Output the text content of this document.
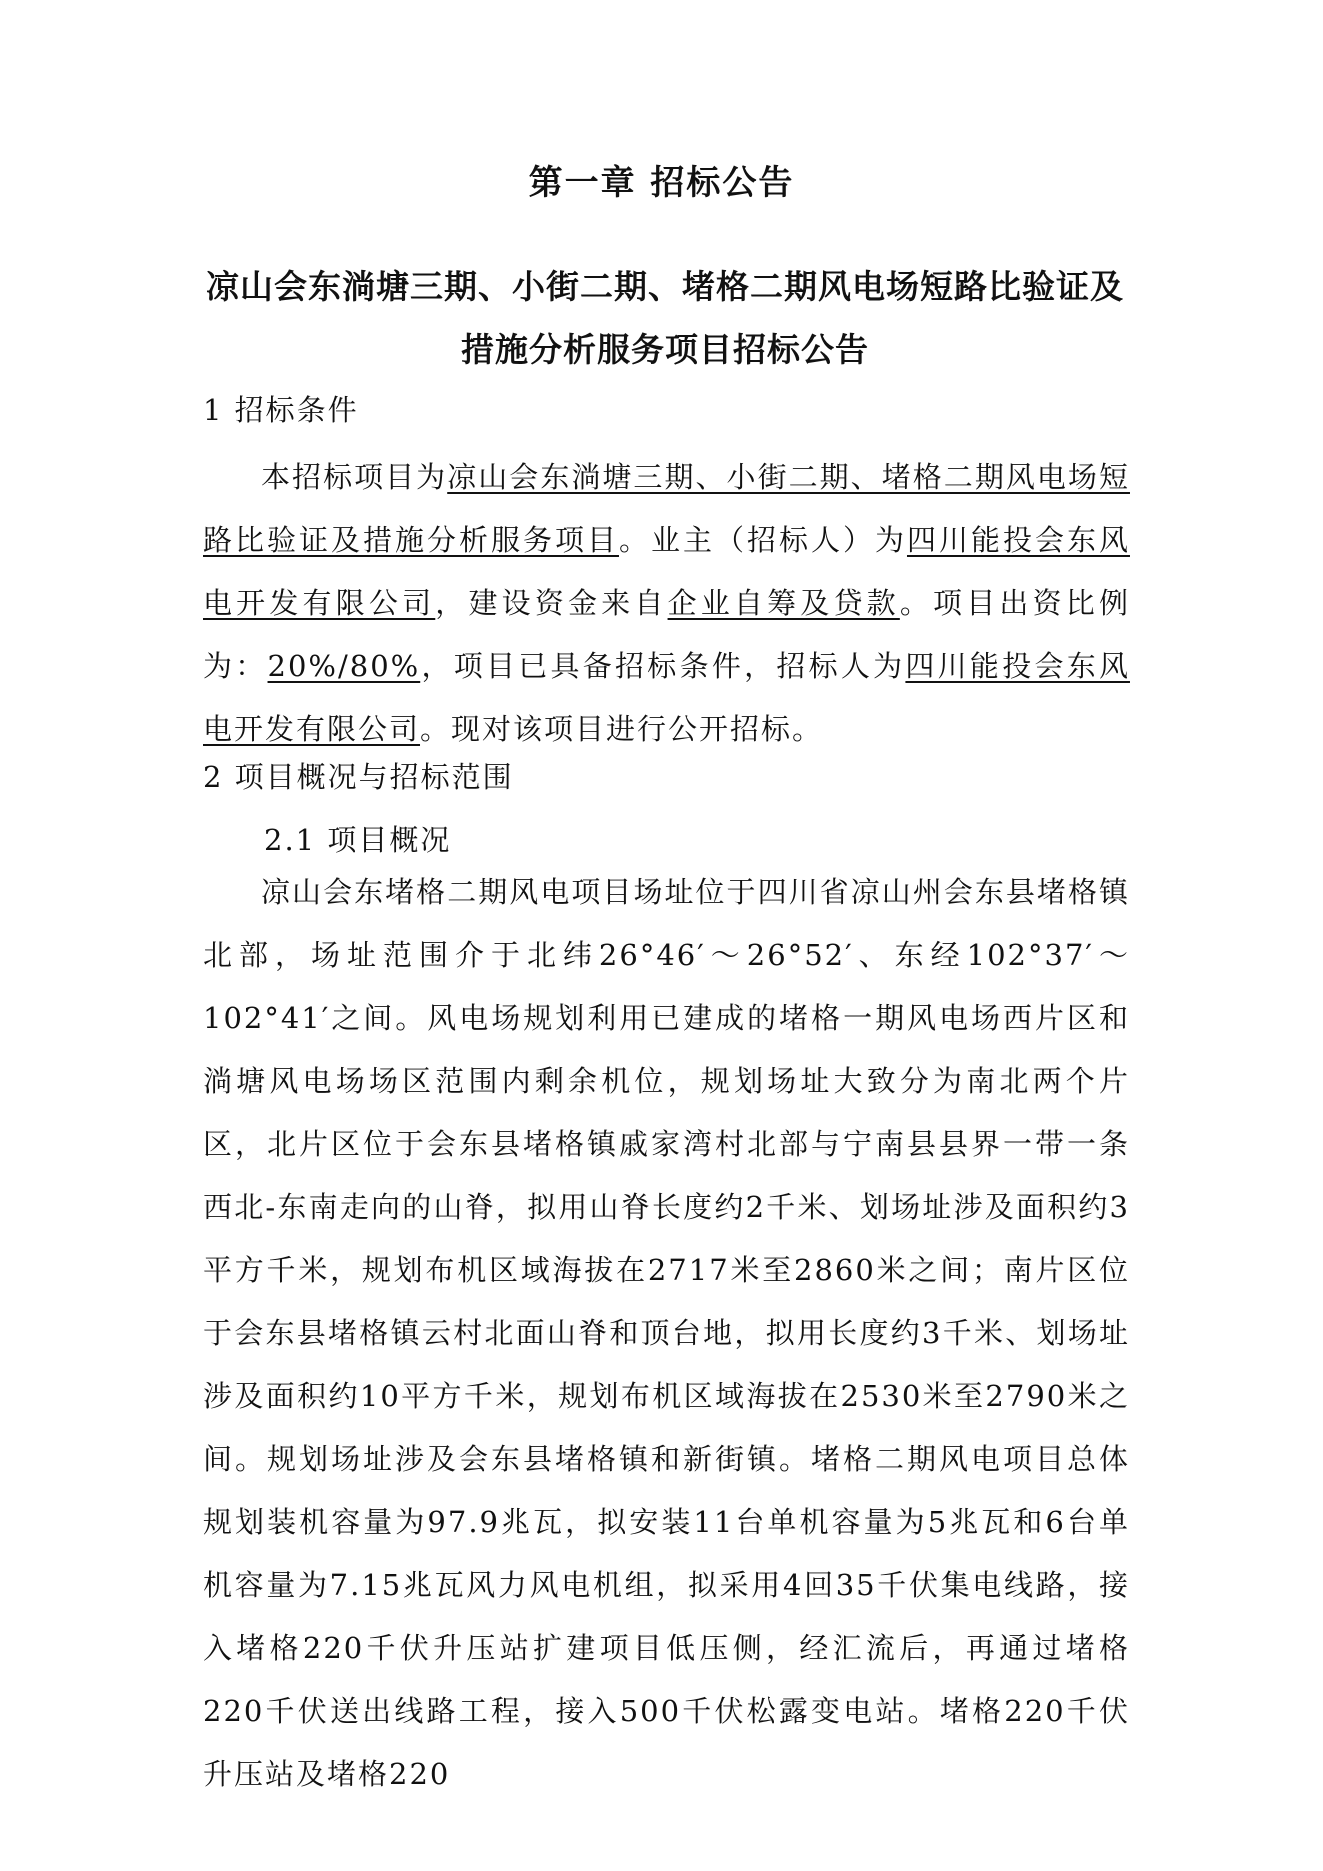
第一章 招标公告
凉山会东淌塘三期、小街二期、堵格二期风电场短路比验证及
措施分析服务项目招标公告
1 招标条件

本招标项目为凉山会东淌塘三期、小街二期、堵格二期风电场短路比验证及措施分析服务项目。业主（招标人）为四川能投会东风电开发有限公司，建设资金来自企业自筹及贷款。项目出资比例为：20%/80%，项目已具备招标条件，招标人为四川能投会东风电开发有限公司。现对该项目进行公开招标。

2 项目概况与招标范围
2.1 项目概况

凉山会东堵格二期风电项目场址位于四川省凉山州会东县堵格镇北部，场址范围介于北纬26°46′～26°52′、东经102°37′～102°41′之间。风电场规划利用已建成的堵格一期风电场西片区和淌塘风电场场区范围内剩余机位，规划场址大致分为南北两个片区，北片区位于会东县堵格镇戚家湾村北部与宁南县县界一带一条西北-东南走向的山脊，拟用山脊长度约2千米、划场址涉及面积约3平方千米，规划布机区域海拔在2717米至2860米之间；南片区位于会东县堵格镇云村北面山脊和顶台地，拟用长度约3千米、划场址涉及面积约10平方千米，规划布机区域海拔在2530米至2790米之间。规划场址涉及会东县堵格镇和新街镇。堵格二期风电项目总体规划装机容量为97.9兆瓦，拟安装11台单机容量为5兆瓦和6台单机容量为7.15兆瓦风力风电机组，拟采用4回35千伏集电线路，接入堵格220千伏升压站扩建项目低压侧，经汇流后，再通过堵格220千伏送出线路工程，接入500千伏松露变电站。堵格220千伏升压站及堵格220
